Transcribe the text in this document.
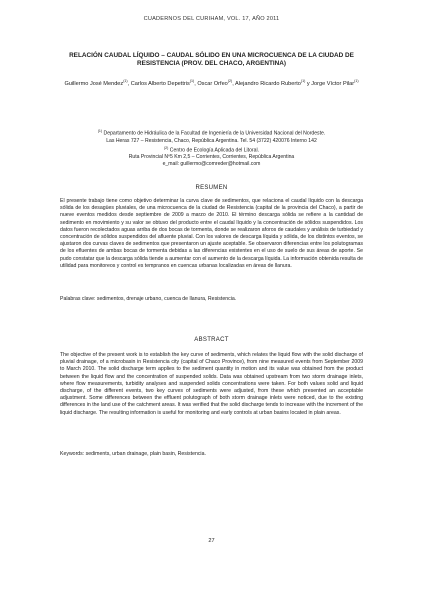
CUADERNOS DEL CURIHAM, VOL. 17, AÑO 2011
RELACIÓN CAUDAL LÍQUIDO – CAUDAL SÓLIDO EN UNA MICROCUENCA DE LA CIUDAD DE RESISTENCIA (PROV. DEL CHACO, ARGENTINA)
Guillermo José Mendez$^{(1)}$, Carlos Alberto Depettris$^{(1)}$, Oscar Orfeo$^{(2)}$, Alejandro Ricardo Ruberto$^{(1)}$ y Jorge Víctor Pilar$^{(1)}$
$^{(1)}$ Departamento de Hidráulica de la Facultad de Ingeniería de la Universidad Nacional del Nordeste.
Las Heras 727 – Resistencia, Chaco, República Argentina. Tel. 54 (3722) 420076 Interno 142
$^{(2)}$ Centro de Ecología Aplicada del Litoral.
Ruta Provincial Nº5 Km 2,5 – Corrientes, Corrientes, República Argentina
e_mail: guillermo@comreder@hotmail.com
RESUMEN
El presente trabajo tiene como objetivo determinar la curva clave de sedimentos, que relaciona el caudal líquido con la descarga sólida de los desagües pluviales, de una microcuenca de la ciudad de Resistencia (capital de la provincia del Chaco), a partir de nueve eventos medidos desde septiembre de 2009 a marzo de 2010. El término descarga sólida se refiere a la cantidad de sedimento en movimiento y su valor se obtuvo del producto entre el caudal líquido y la concentración de sólidos suspendidos. Los datos fueron recolectados aguas arriba de dos bocas de tormenta, donde se realizaron aforos de caudales y análisis de turbiedad y concentración de sólidos suspendidos del afluente pluvial. Con los valores de descarga líquida y sólida, de los distintos eventos, se ajustaron dos curvas claves de sedimentos que presentaron un ajuste aceptable. Se observaron diferencias entre los polutogramas de los efluentes de ambas bocas de tormenta debidas a las diferencias existentes en el uso de suelo de sus áreas de aporte. Se pudo constatar que la descarga sólida tiende a aumentar con el aumento de la descarga líquida. La información obtenida resulta de utilidad para monitoreos y control es tempranos en cuencas urbanas localizadas en áreas de llanura.
Palabras clave: sedimentos, drenaje urbano, cuenca de llanura, Resistencia.
ABSTRACT
The objective of the present work is to establish the key curve of sediments, which relates the liquid flow with the solid discharge of pluvial drainage, of a microbasin in Resistencia city (capital of Chaco Province), from nine measured events from September 2009 to March 2010. The solid discharge term applies to the sediment quantity in motion and its value was obtained from the product between the liquid flow and the concentration of suspended solids. Data was obtained upstream from two storm drainage inlets, where flow measurements, turbidity analyses and suspended solids concentrations were taken. For both values solid and liquid discharge, of the different events, two key curves of sediments were adjusted, from these which presented an acceptable adjustment. Some differences between the effluent polutograph of both storm drainage inlets were noticed, due to the existing differences in the land use of the catchment areas. It was verified that the solid discharge tends to increase with the increment of the liquid discharge. The resulting information is useful for monitoring and early controls at urban basins located in plain areas.
Keywords: sediments, urban drainage, plain basin, Resistencia.
27
